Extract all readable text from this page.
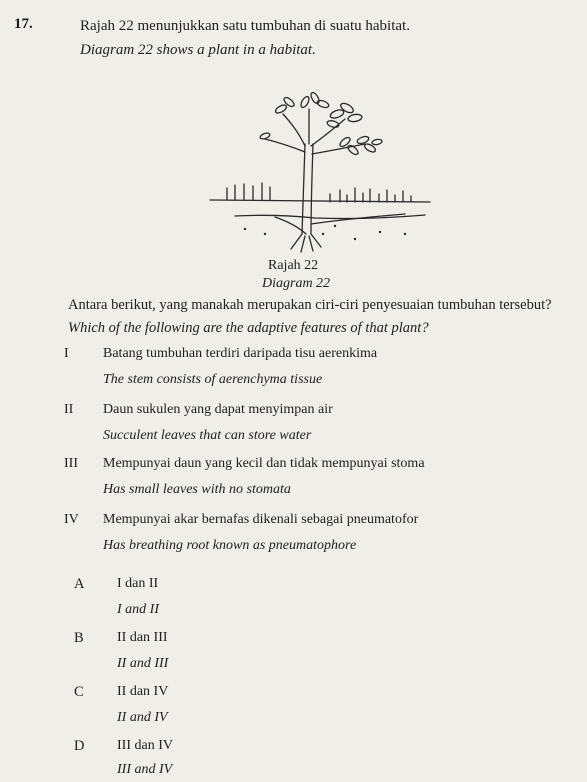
17.	Rajah 22 menunjukkan satu tumbuhan di suatu habitat.
Diagram 22 shows a plant in a habitat.
Rajah 22
Diagram 22
Antara berikut, yang manakah merupakan ciri-ciri penyesuaian tumbuhan tersebut?
Which of the following are the adaptive features of that plant?
I Batang tumbuhan terdiri daripada tisu aerenkima
The stem consists of aerenchyma tissue
II Daun sukulen yang dapat menyimpan air
Succulent leaves that can store water
III Mempunyai daun yang kecil dan tidak mempunyai stoma
Has small leaves with no stomata
IV Mempunyai akar bernafas dikenali sebagai pneumatofor
Has breathing root known as pneumatophore
A I dan II
I and II
B II dan III
II and III
C II dan IV
II and IV
D III dan IV
III and IV
